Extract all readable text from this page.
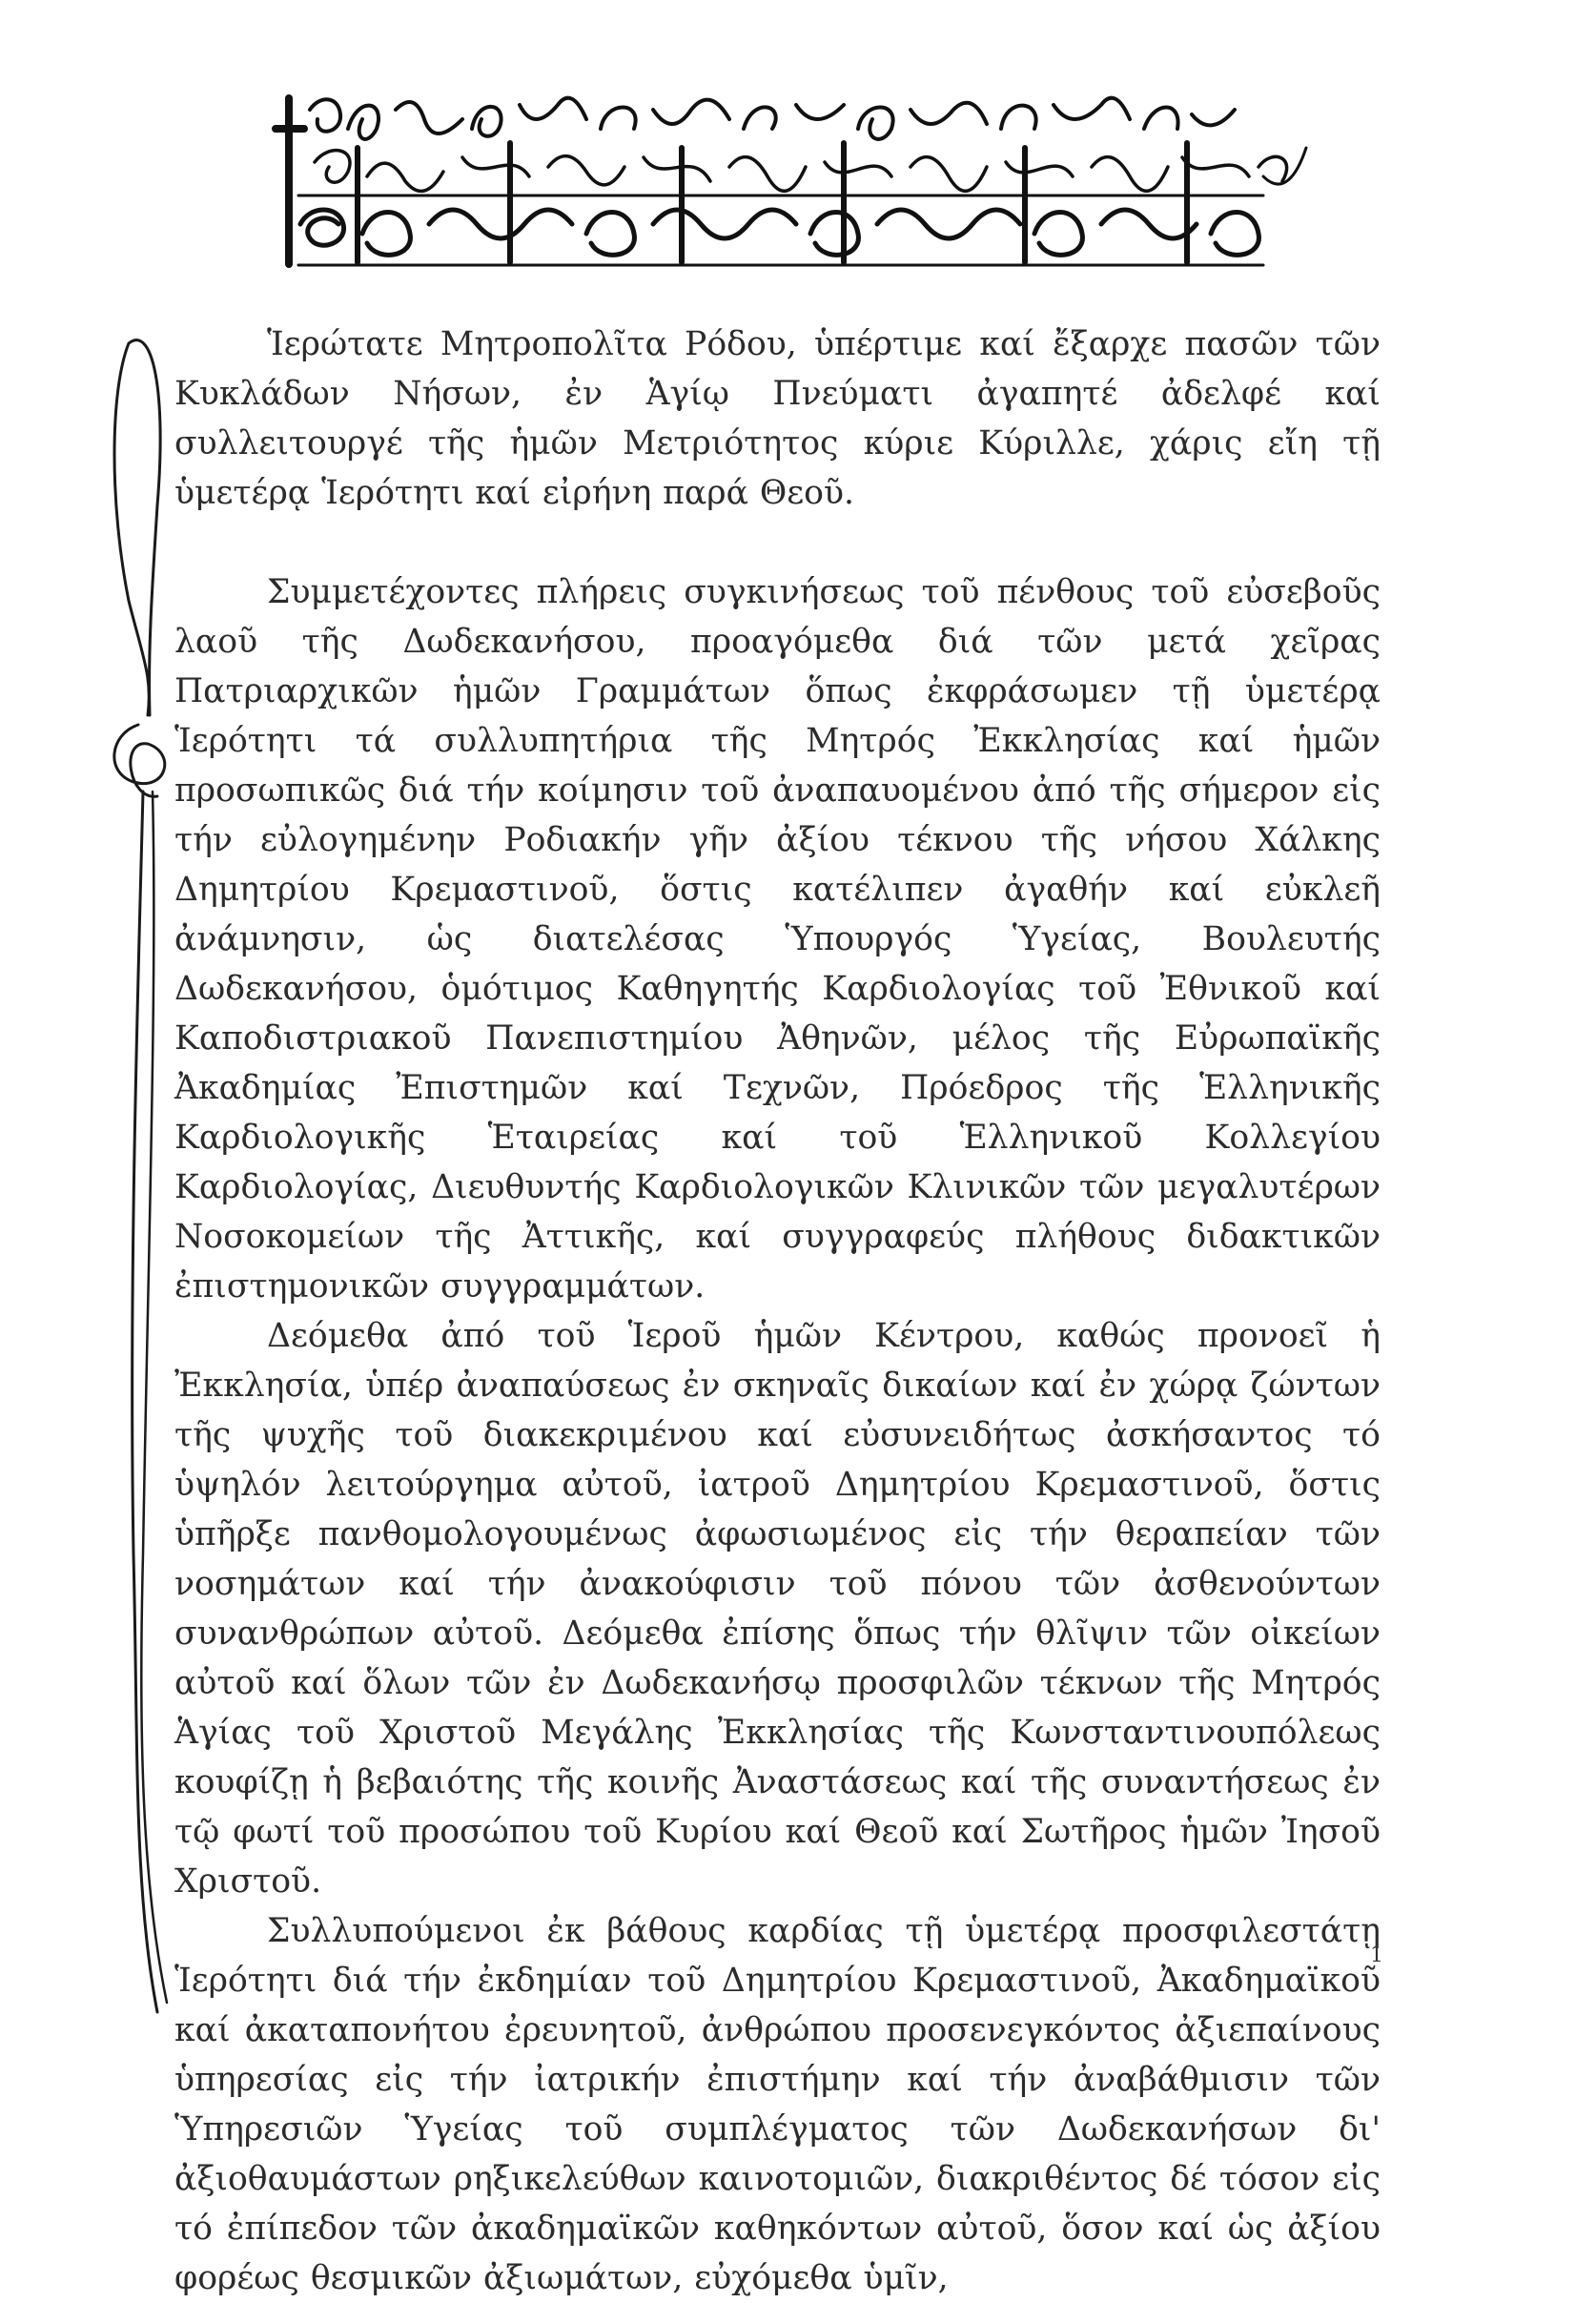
Ἱερώτατε Μητροπολῖτα Ρόδου, ὑπέρτιμε καί ἔξαρχε πασῶν τῶν Κυκλάδων Νήσων, ἐν Ἁγίῳ Πνεύματι ἀγαπητέ ἀδελφέ καί συλλειτουργέ τῆς ἡμῶν Μετριότητος κύριε Κύριλλε, χάρις εἴη τῇ ὑμετέρᾳ Ἱερότητι καί εἰρήνη παρά Θεοῦ.

Συμμετέχοντες πλήρεις συγκινήσεως τοῦ πένθους τοῦ εὐσεβοῦς λαοῦ τῆς Δωδεκανήσου, προαγόμεθα διά τῶν μετά χεῖρας Πατριαρχικῶν ἡμῶν Γραμμάτων ὅπως ἐκφράσωμεν τῇ ὑμετέρᾳ Ἱερότητι τά συλλυπητήρια τῆς Μητρός Ἐκκλησίας καί ἡμῶν προσωπικῶς διά τήν κοίμησιν τοῦ ἀναπαυομένου ἀπό τῆς σήμερον εἰς τήν εὐλογημένην Ροδιακήν γῆν ἀξίου τέκνου τῆς νήσου Χάλκης Δημητρίου Κρεμαστινοῦ, ὅστις κατέλιπεν ἀγαθήν καί εὐκλεῆ ἀνάμνησιν, ὡς διατελέσας Ὑπουργός Ὑγείας, Βουλευτής Δωδεκανήσου, ὁμότιμος Καθηγητής Καρδιολογίας τοῦ Ἐθνικοῦ καί Καποδιστριακοῦ Πανεπιστημίου Ἀθηνῶν, μέλος τῆς Εὐρωπαϊκῆς Ἀκαδημίας Ἐπιστημῶν καί Τεχνῶν, Πρόεδρος τῆς Ἑλληνικῆς Καρδιολογικῆς Ἑταιρείας καί τοῦ Ἑλληνικοῦ Κολλεγίου Καρδιολογίας, Διευθυντής Καρδιολογικῶν Κλινικῶν τῶν μεγαλυτέρων Νοσοκομείων τῆς Ἀττικῆς, καί συγγραφεύς πλήθους διδακτικῶν ἐπιστημονικῶν συγγραμμάτων.

Δεόμεθα ἀπό τοῦ Ἱεροῦ ἡμῶν Κέντρου, καθώς προνοεῖ ἡ Ἐκκλησία, ὑπέρ ἀναπαύσεως ἐν σκηναῖς δικαίων καί ἐν χώρᾳ ζώντων τῆς ψυχῆς τοῦ διακεκριμένου καί εὐσυνειδήτως ἀσκήσαντος τό ὑψηλόν λειτούργημα αὐτοῦ, ἰατροῦ Δημητρίου Κρεμαστινοῦ, ὅστις ὑπῆρξε πανθομολογουμένως ἀφωσιωμένος εἰς τήν θεραπείαν τῶν νοσημάτων καί τήν ἀνακούφισιν τοῦ πόνου τῶν ἀσθενούντων συνανθρώπων αὐτοῦ. Δεόμεθα ἐπίσης ὅπως τήν θλῖψιν τῶν οἰκείων αὐτοῦ καί ὅλων τῶν ἐν Δωδεκανήσῳ προσφιλῶν τέκνων τῆς Μητρός Ἁγίας τοῦ Χριστοῦ Μεγάλης Ἐκκλησίας τῆς Κωνσταντινουπόλεως κουφίζῃ ἡ βεβαιότης τῆς κοινῆς Ἀναστάσεως καί τῆς συναντήσεως ἐν τῷ φωτί τοῦ προσώπου τοῦ Κυρίου καί Θεοῦ καί Σωτῆρος ἡμῶν Ἰησοῦ Χριστοῦ.

Συλλυπούμενοι ἐκ βάθους καρδίας τῇ ὑμετέρᾳ προσφιλεστάτῃ Ἱερότητι διά τήν ἐκδημίαν τοῦ Δημητρίου Κρεμαστινοῦ, Ἀκαδημαϊκοῦ καί ἀκαταπονήτου ἐρευνητοῦ, ἀνθρώπου προσενεγκόντος ἀξιεπαίνους ὑπηρεσίας εἰς τήν ἰατρικήν ἐπιστήμην καί τήν ἀναβάθμισιν τῶν Ὑπηρεσιῶν Ὑγείας τοῦ συμπλέγματος τῶν Δωδεκανήσων δι' ἀξιοθαυμάστων ρηξικελεύθων καινοτομιῶν, διακριθέντος δέ τόσον εἰς τό ἐπίπεδον τῶν ἀκαδημαϊκῶν καθηκόντων αὐτοῦ, ὅσον καί ὡς ἀξίου φορέως θεσμικῶν ἀξιωμάτων, εὐχόμεθα ὑμῖν,

1
